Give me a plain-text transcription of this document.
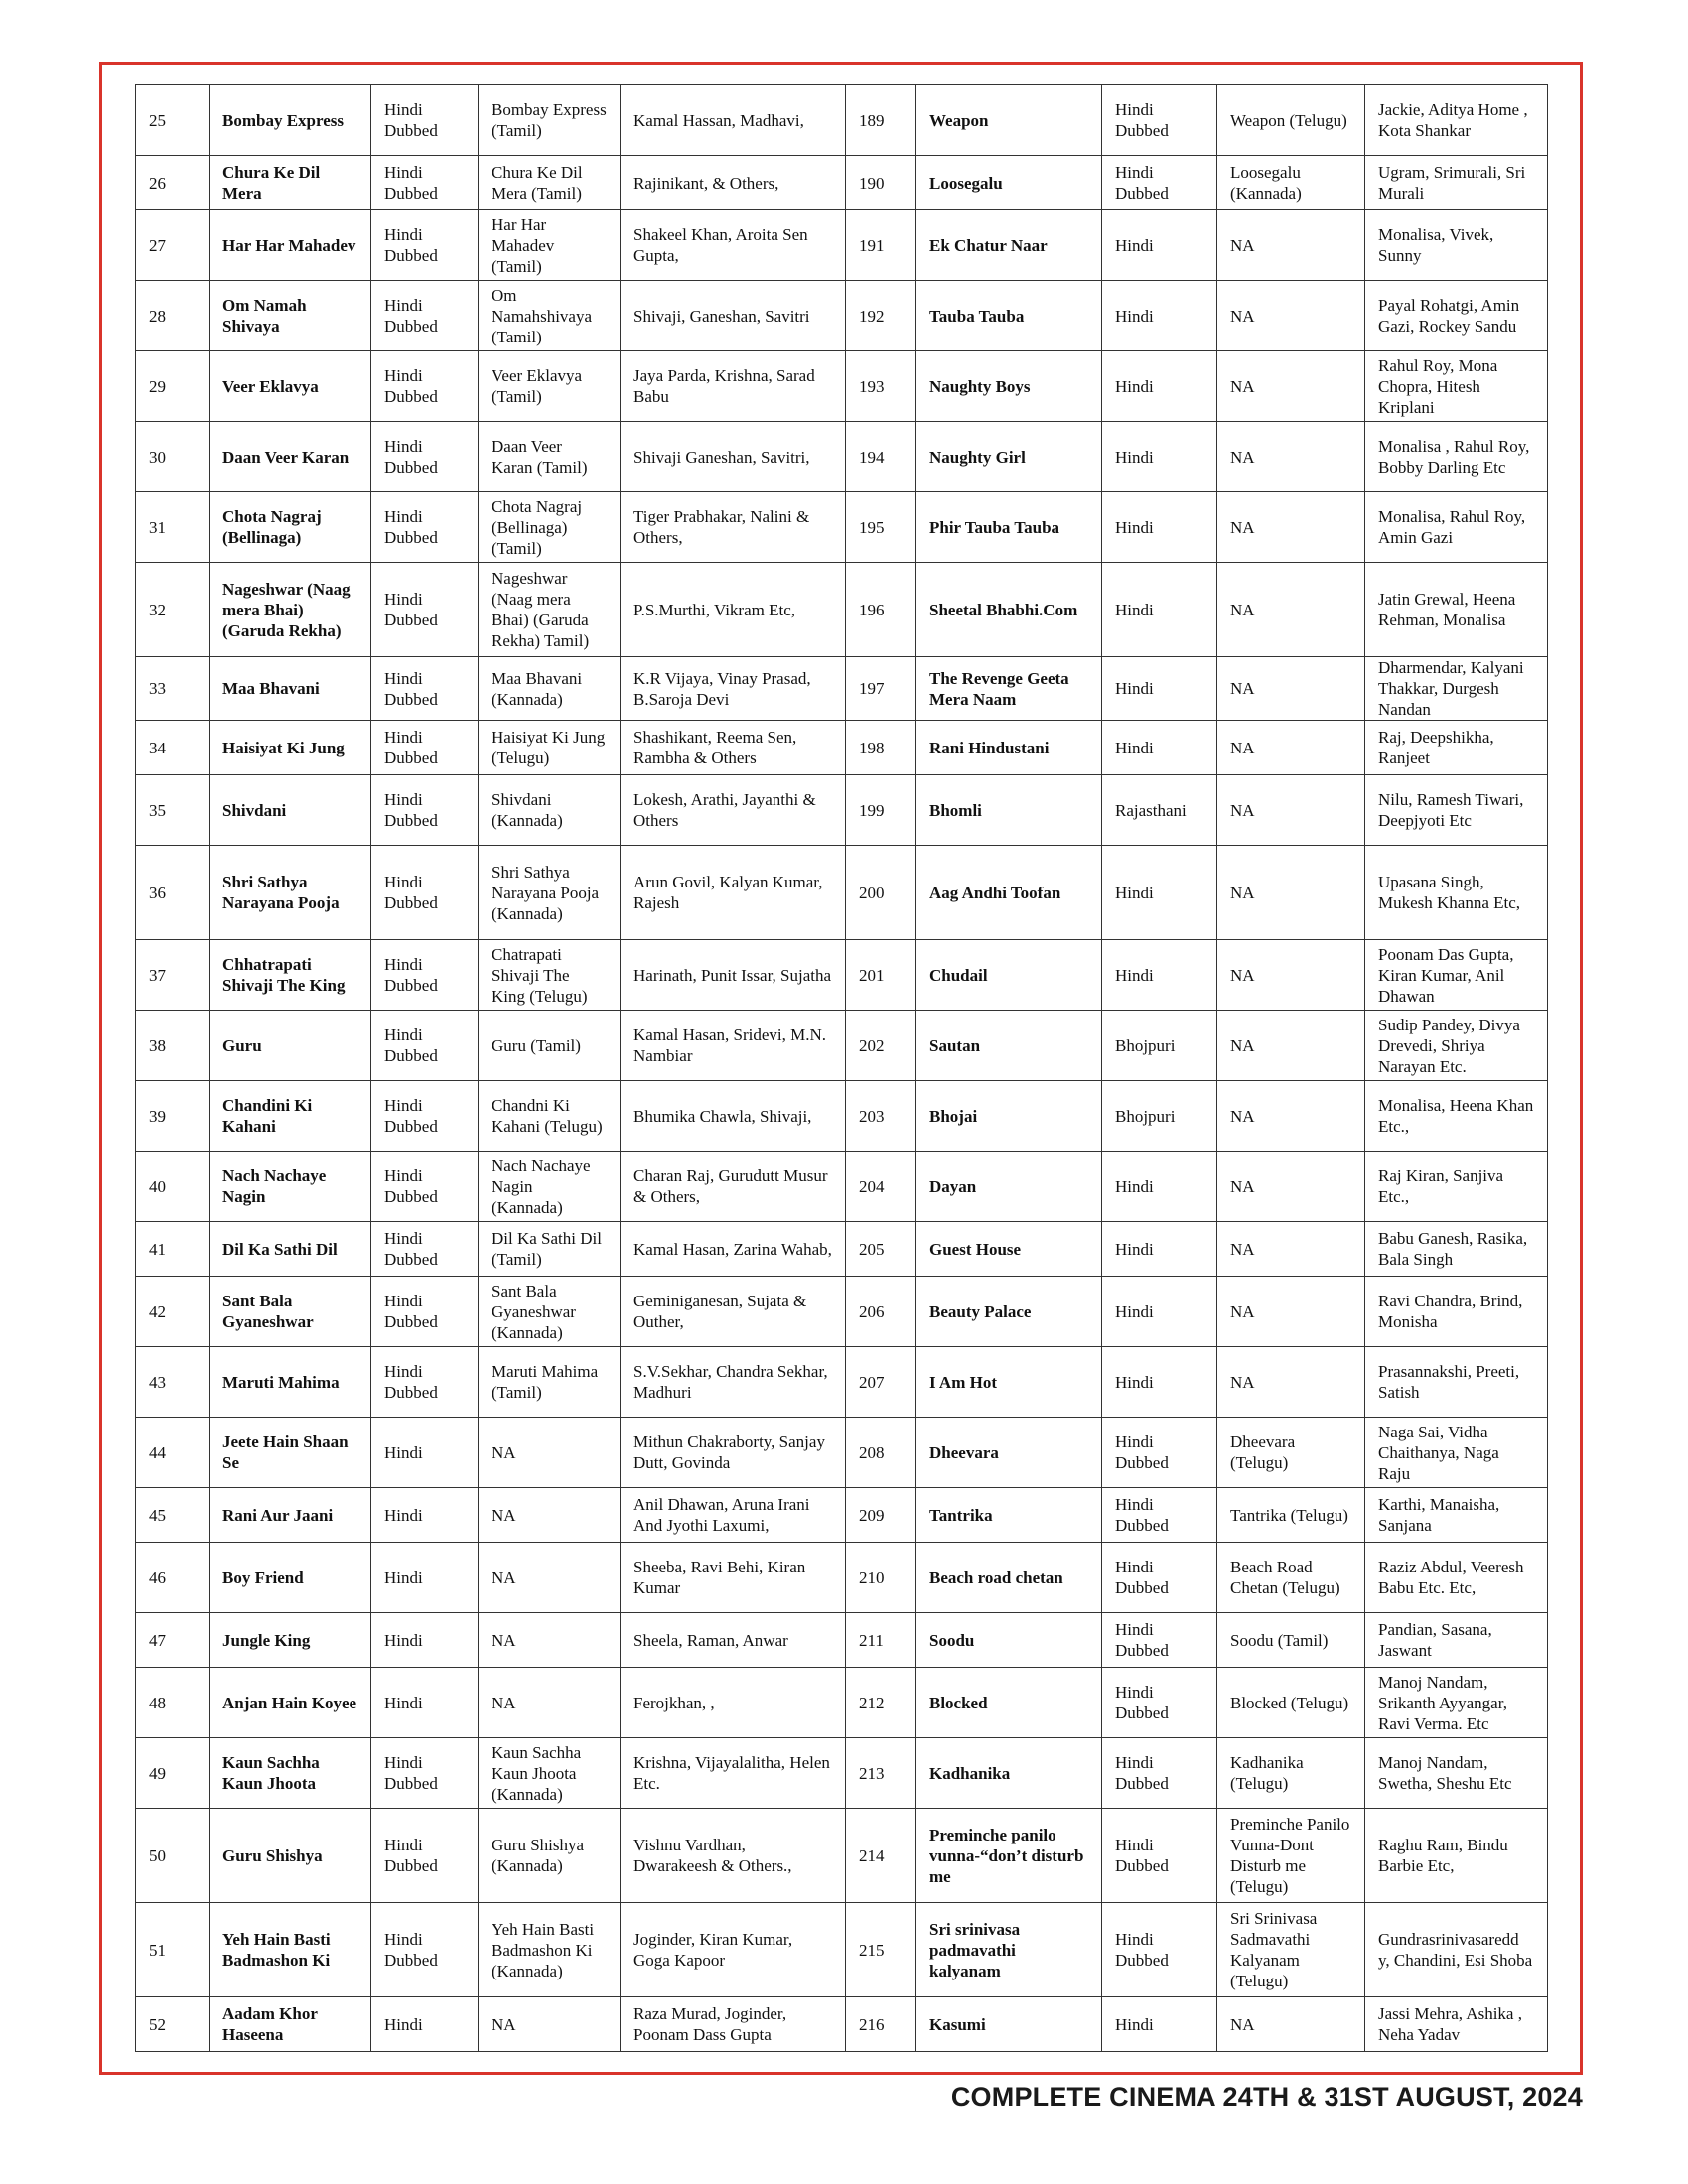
25	Bombay Express	Hindi Dubbed	Bombay Express (Tamil)	Kamal Hassan, Madhavi,	189	Weapon	Hindi Dubbed	Weapon (Telugu)	Jackie, Aditya Home , Kota Shankar
26	Chura Ke Dil Mera	Hindi Dubbed	Chura Ke Dil Mera (Tamil)	Rajinikant, & Others,	190	Loosegalu	Hindi Dubbed	Loosegalu (Kannada)	Ugram, Srimurali, Sri Murali
27	Har Har Mahadev	Hindi Dubbed	Har Har Mahadev (Tamil)	Shakeel Khan, Aroita Sen Gupta,	191	Ek Chatur Naar	Hindi	NA	Monalisa, Vivek, Sunny
28	Om Namah Shivaya	Hindi Dubbed	Om Namahshivaya (Tamil)	Shivaji, Ganeshan, Savitri	192	Tauba Tauba	Hindi	NA	Payal Rohatgi, Amin Gazi, Rockey Sandu
29	Veer Eklavya	Hindi Dubbed	Veer Eklavya (Tamil)	Jaya Parda, Krishna, Sarad Babu	193	Naughty Boys	Hindi	NA	Rahul Roy, Mona Chopra, Hitesh Kriplani
30	Daan Veer Karan	Hindi Dubbed	Daan Veer Karan (Tamil)	Shivaji Ganeshan, Savitri,	194	Naughty Girl	Hindi	NA	Monalisa , Rahul Roy, Bobby Darling Etc
31	Chota Nagraj (Bellinaga)	Hindi Dubbed	Chota Nagraj (Bellinaga) (Tamil)	Tiger Prabhakar, Nalini & Others,	195	Phir Tauba Tauba	Hindi	NA	Monalisa, Rahul Roy, Amin Gazi
32	Nageshwar (Naag mera Bhai)(Garuda Rekha)	Hindi Dubbed	Nageshwar (Naag mera Bhai) (Garuda Rekha) Tamil)	P.S.Murthi, Vikram Etc,	196	Sheetal Bhabhi.Com	Hindi	NA	Jatin Grewal, Heena Rehman, Monalisa
33	Maa Bhavani	Hindi Dubbed	Maa Bhavani (Kannada)	K.R Vijaya, Vinay Prasad, B.Saroja Devi	197	The Revenge Geeta Mera Naam	Hindi	NA	Dharmendar, Kalyani Thakkar, Durgesh Nandan
34	Haisiyat Ki Jung	Hindi Dubbed	Haisiyat Ki Jung (Telugu)	Shashikant, Reema Sen, Rambha & Others	198	Rani Hindustani	Hindi	NA	Raj, Deepshikha, Ranjeet
35	Shivdani	Hindi Dubbed	Shivdani (Kannada)	Lokesh, Arathi, Jayanthi & Others	199	Bhomli	Rajasthani	NA	Nilu, Ramesh Tiwari, Deepjyoti Etc
36	Shri Sathya Narayana Pooja	Hindi Dubbed	Shri Sathya Narayana Pooja (Kannada)	Arun Govil, Kalyan Kumar, Rajesh	200	Aag Andhi Toofan	Hindi	NA	Upasana Singh, Mukesh Khanna Etc,
37	Chhatrapati Shivaji The King	Hindi Dubbed	Chatrapati Shivaji The King (Telugu)	Harinath, Punit Issar, Sujatha	201	Chudail	Hindi	NA	Poonam Das Gupta, Kiran Kumar, Anil Dhawan
38	Guru	Hindi Dubbed	Guru (Tamil)	Kamal Hasan, Sridevi, M.N. Nambiar	202	Sautan	Bhojpuri	NA	Sudip Pandey, Divya Drevedi, Shriya Narayan Etc.
39	Chandini Ki Kahani	Hindi Dubbed	Chandni Ki Kahani (Telugu)	Bhumika Chawla, Shivaji,	203	Bhojai	Bhojpuri	NA	Monalisa, Heena Khan Etc.,
40	Nach Nachaye Nagin	Hindi Dubbed	Nach Nachaye Nagin (Kannada)	Charan Raj, Gurudutt Musur & Others,	204	Dayan	Hindi	NA	Raj Kiran, Sanjiva Etc.,
41	Dil Ka Sathi Dil	Hindi Dubbed	Dil Ka Sathi Dil (Tamil)	Kamal Hasan, Zarina Wahab,	205	Guest House	Hindi	NA	Babu Ganesh, Rasika, Bala Singh
42	Sant Bala Gyaneshwar	Hindi Dubbed	Sant Bala Gyaneshwar (Kannada)	Geminiganesan, Sujata & Outher,	206	Beauty Palace	Hindi	NA	Ravi Chandra, Brind, Monisha
43	Maruti Mahima	Hindi Dubbed	Maruti Mahima (Tamil)	S.V.Sekhar, Chandra Sekhar, Madhuri	207	I Am Hot	Hindi	NA	Prasannakshi, Preeti, Satish
44	Jeete Hain Shaan Se	Hindi	NA	Mithun Chakraborty, Sanjay Dutt, Govinda	208	Dheevara	Hindi Dubbed	Dheevara (Telugu)	Naga Sai, Vidha Chaithanya, Naga Raju
45	Rani Aur Jaani	Hindi	NA	Anil Dhawan, Aruna Irani And Jyothi Laxumi,	209	Tantrika	Hindi Dubbed	Tantrika (Telugu)	Karthi, Manaisha, Sanjana
46	Boy Friend	Hindi	NA	Sheeba, Ravi Behi, Kiran Kumar	210	Beach road chetan	Hindi Dubbed	Beach Road Chetan (Telugu)	Raziz Abdul, Veeresh Babu Etc. Etc,
47	Jungle King	Hindi	NA	Sheela, Raman, Anwar	211	Soodu	Hindi Dubbed	Soodu (Tamil)	Pandian, Sasana, Jaswant
48	Anjan Hain Koyee	Hindi	NA	Ferojkhan, ,	212	Blocked	Hindi Dubbed	Blocked (Telugu)	Manoj Nandam, Srikanth Ayyangar, Ravi Verma. Etc
49	Kaun Sachha Kaun Jhoota	Hindi Dubbed	Kaun Sachha Kaun Jhoota (Kannada)	Krishna, Vijayalalitha, Helen Etc.	213	Kadhanika	Hindi Dubbed	Kadhanika (Telugu)	Manoj Nandam, Swetha, Sheshu Etc
50	Guru Shishya	Hindi Dubbed	Guru Shishya (Kannada)	Vishnu Vardhan, Dwarakeesh & Others.,	214	Preminche panilo vunna-“don’t disturb me	Hindi Dubbed	Preminche Panilo Vunna-Dont Disturb me (Telugu)	Raghu Ram, Bindu Barbie Etc,
51	Yeh Hain Basti Badmashon Ki	Hindi Dubbed	Yeh Hain Basti Badmashon Ki (Kannada)	Joginder, Kiran Kumar, Goga Kapoor	215	Sri srinivasa padmavathi kalyanam	Hindi Dubbed	Sri Srinivasa Sadmavathi Kalyanam (Telugu)	Gundrasrinivasaredd y, Chandini, Esi Shoba
52	Aadam Khor Haseena	Hindi	NA	Raza Murad, Joginder, Poonam Dass Gupta	216	Kasumi	Hindi	NA	Jassi Mehra, Ashika , Neha Yadav
COMPLETE CINEMA 24TH & 31ST AUGUST, 2024
